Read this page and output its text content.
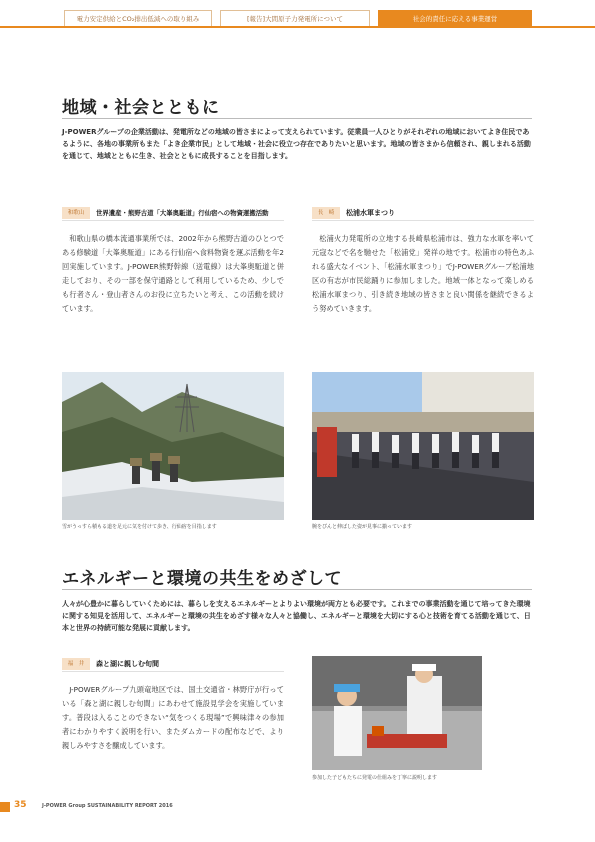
電力安定供給とCO₂排出低減への取り組み	[報告]大間原子力発電所について	社会的責任に応える事業運営
地域・社会とともに
J-POWERグループの企業活動は、発電所などの地域の皆さまによって支えられています。従業員一人ひとりがそれぞれの地域においてよき住民であるように、各地の事業所もまた「よき企業市民」として地域・社会に役立つ存在でありたいと思います。地域の皆さまから信頼され、親しまれる活動を通じて、地域とともに生き、社会とともに成長することを目指します。
和歌山	世界遺産・熊野古道「大峯奥駈道」行仙宿への物資運搬活動
和歌山県の橋本流通事業所では、2002年から熊野古道のひとつである修験道「大峯奥駈道」にある行仙宿へ食料物資を運ぶ活動を年2回実施しています。J-POWER熊野幹線（送電線）は大峯奥駈道と併走しており、その一部を保守通路として利用しているため、少しでも行者さん・登山者さんのお役に立ちたいと考え、この活動を続けています。
長　崎	松浦水軍まつり
松浦火力発電所の立地する長崎県松浦市は、強力な水軍を率いて元寇などで名を馳せた「松浦党」発祥の地です。松浦市の特色あふれる盛大なイベント、「松浦水軍まつり」でJ-POWERグループ松浦地区の有志が市民総踊りに参加しました。地域一体となって楽しめる松浦水軍まつり、引き続き地域の皆さまと良い関係を継続できるよう努めていきます。
雪がうっすら積もる道を足元に気を付けて歩き、行仙宿を目指します	腕をぴんと伸ばした姿が見事に揃っています
エネルギーと環境の共生をめざして
人々が心豊かに暮らしていくためには、暮らしを支えるエネルギーとよりよい環境が両方とも必要です。これまでの事業活動を通じて培ってきた環境に関する知見を活用して、エネルギーと環境の共生をめざす様々な人々と協働し、エネルギーと環境を大切にする心と技術を育てる活動を通じて、日本と世界の持続可能な発展に貢献します。
福　井	森と湖に親しむ旬間
J-POWERグループ九頭竜地区では、国土交通省・林野庁が行っている「森と湖に親しむ旬間」にあわせて施設見学会を実施しています。普段は入ることのできない“気をつくる現場”で興味津々の参加者にわかりやすく説明を行い、またダムカードの配布などで、より親しみやすさを醸成しています。
参加した子どもたちに発電の仕組みを丁寧に説明します
35	J-POWER Group SUSTAINABILITY REPORT 2016
